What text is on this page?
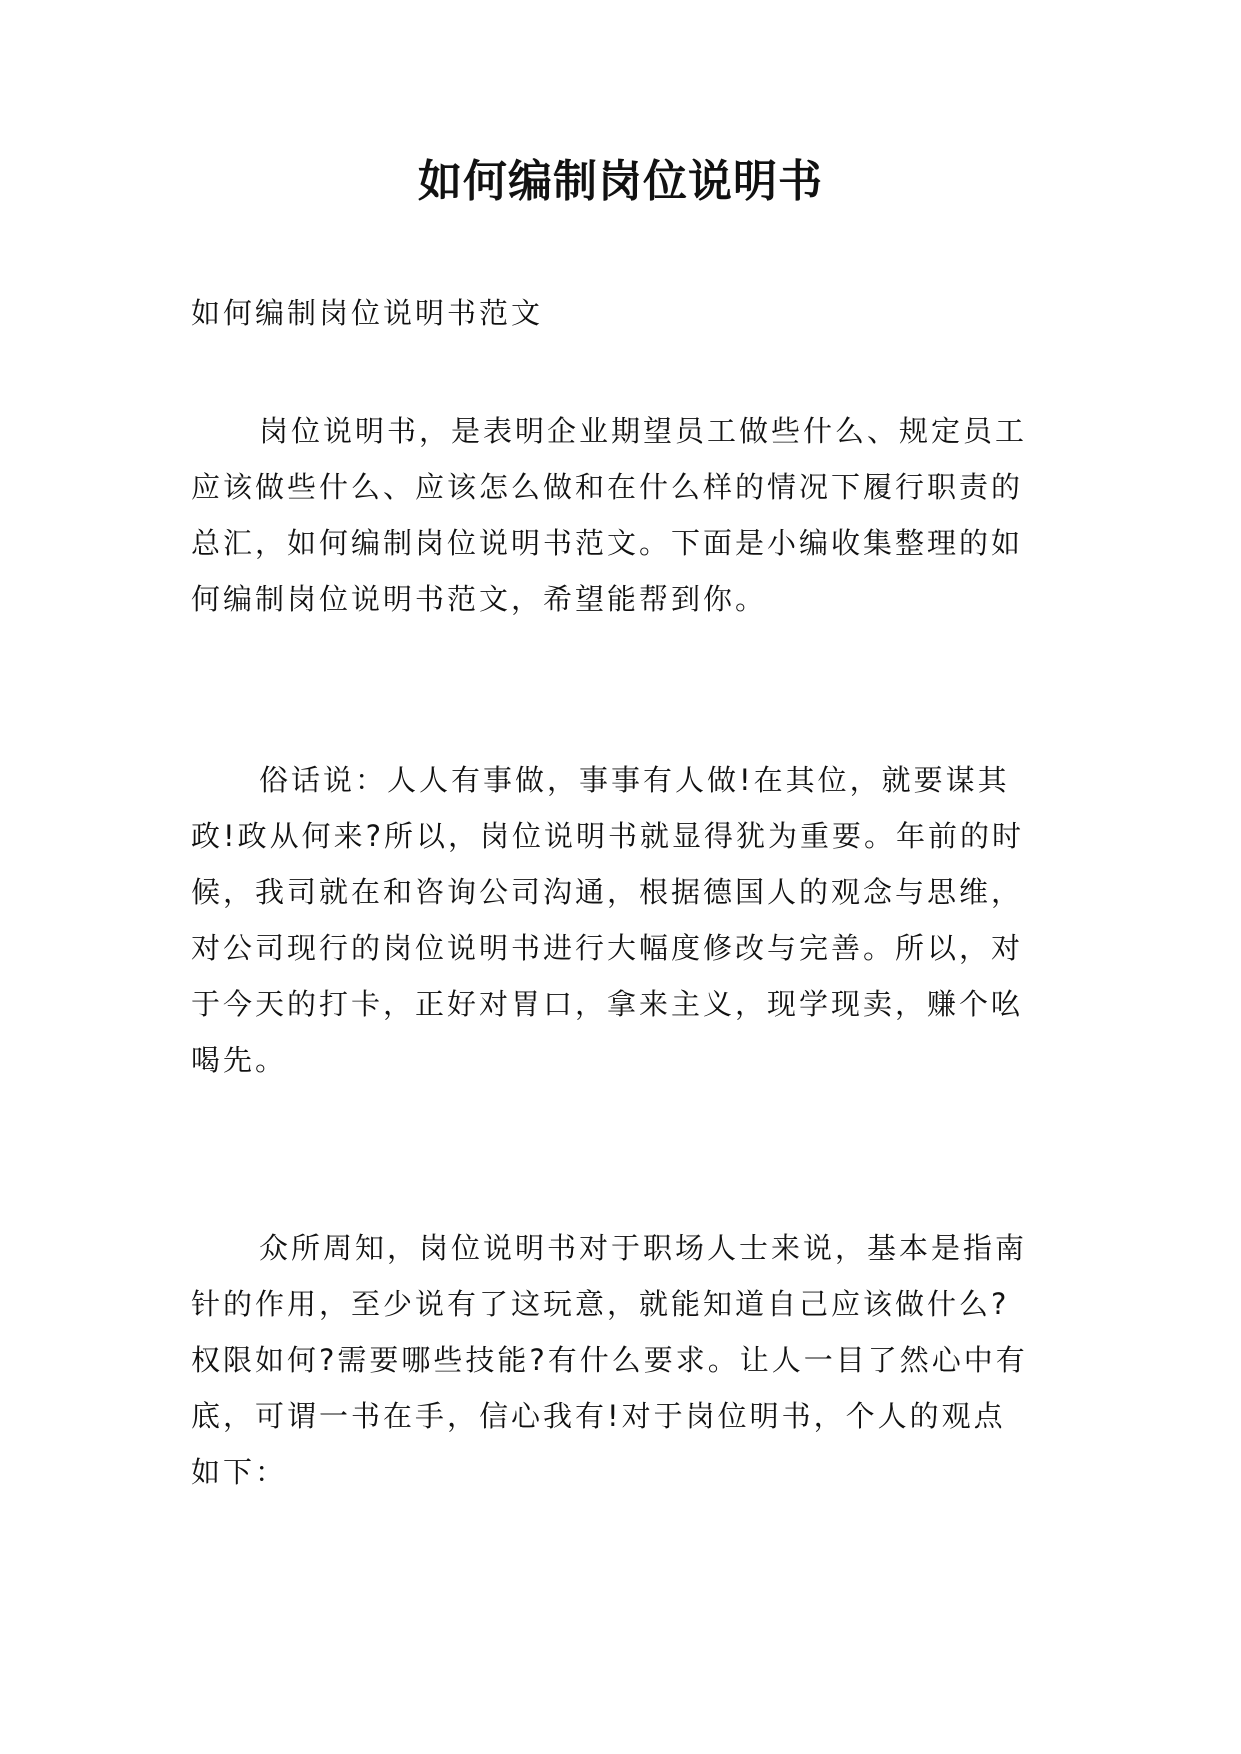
如何编制岗位说明书

如何编制岗位说明书范文

岗位说明书，是表明企业期望员工做些什么、规定员工
应该做些什么、应该怎么做和在什么样的情况下履行职责的
总汇，如何编制岗位说明书范文。下面是小编收集整理的如
何编制岗位说明书范文，希望能帮到你。

俗话说：人人有事做，事事有人做!在其位，就要谋其
政!政从何来?所以，岗位说明书就显得犹为重要。年前的时
候，我司就在和咨询公司沟通，根据德国人的观念与思维，
对公司现行的岗位说明书进行大幅度修改与完善。所以，对
于今天的打卡，正好对胃口，拿来主义，现学现卖，赚个吆
喝先。

众所周知，岗位说明书对于职场人士来说，基本是指南
针的作用，至少说有了这玩意，就能知道自己应该做什么?
权限如何?需要哪些技能?有什么要求。让人一目了然心中有
底，可谓一书在手，信心我有!对于岗位明书，个人的观点
如下：
